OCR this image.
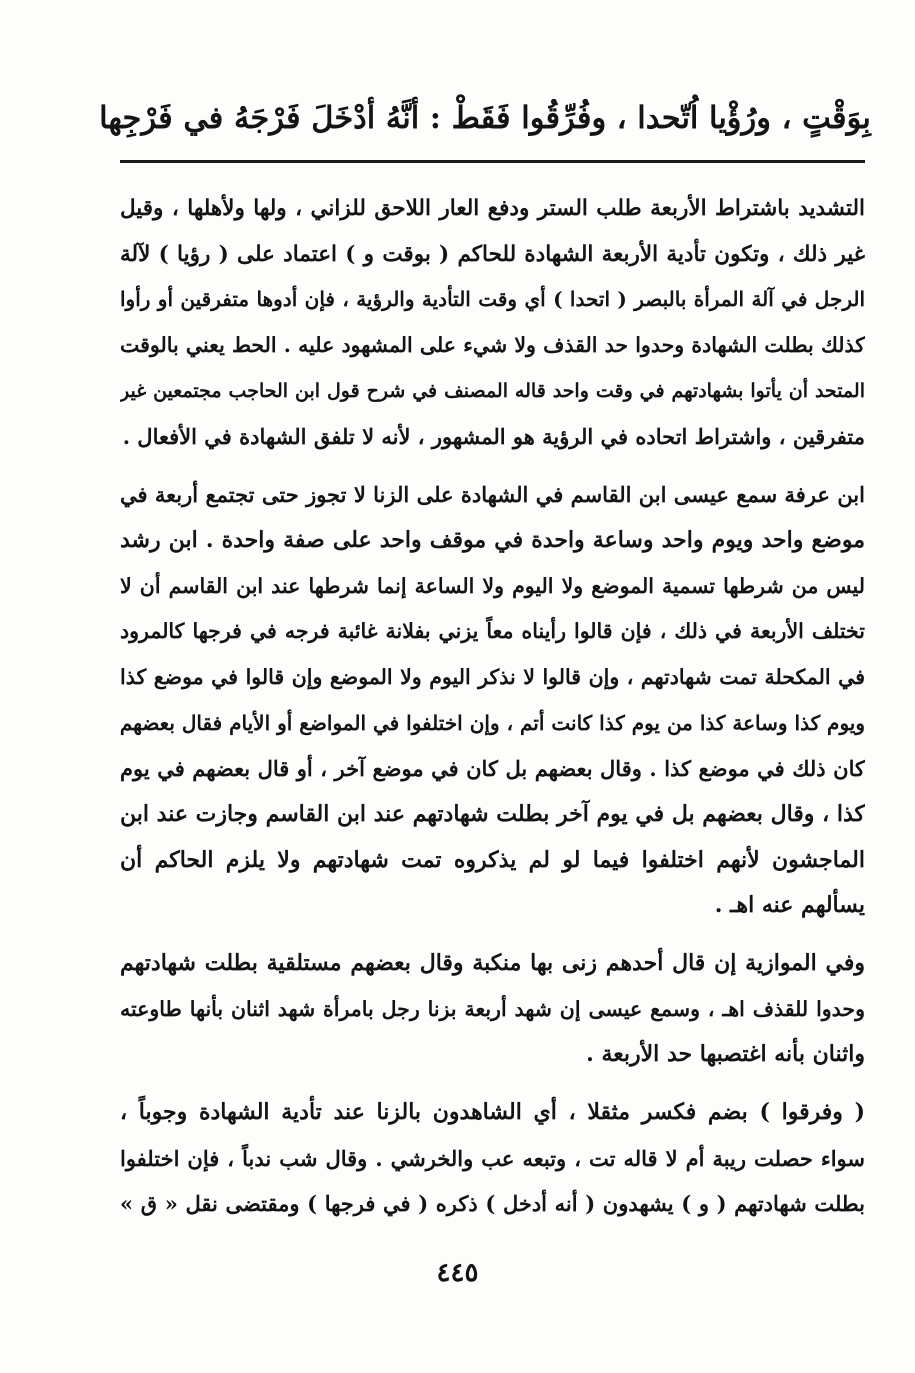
بِوَقْتٍ ، ورُؤْيا اُتّحدا ، وفُرِّقُوا فَقَطْ : أنَّهُ أدْخَلَ فَرْجَهُ في فَرْجِها
التشديد باشتراط الأربعة طلب الستر ودفع العار اللاحق للزاني ، ولها ولأهلها ، وقيل
غير ذلك ، وتكون تأدية الأربعة الشهادة للحاكم ( بوقت و ) اعتماد على ( رؤيا ) لآلة
الرجل في آلة المرأة بالبصر ( اتحدا ) أي وقت التأدية والرؤية ، فإن أدوها متفرقين أو رأوا
كذلك بطلت الشهادة وحدوا حد القذف ولا شيء على المشهود عليه . الحط يعني بالوقت
المتحد أن يأتوا بشهادتهم في وقت واحد قاله المصنف في شرح قول ابن الحاجب مجتمعين غير
متفرقين ، واشتراط اتحاده في الرؤية هو المشهور ، لأنه لا تلفق الشهادة في الأفعال .
ابن عرفة سمع عيسى ابن القاسم في الشهادة على الزنا لا تجوز حتى تجتمع أربعة في
موضع واحد ويوم واحد وساعة واحدة في موقف واحد على صفة واحدة . ابن رشد
ليس من شرطها تسمية الموضع ولا اليوم ولا الساعة إنما شرطها عند ابن القاسم أن لا
تختلف الأربعة في ذلك ، فإن قالوا رأيناه معاً يزني بفلانة غائبة فرجه في فرجها كالمرود
في المكحلة تمت شهادتهم ، وإن قالوا لا نذكر اليوم ولا الموضع وإن قالوا في موضع كذا
ويوم كذا وساعة كذا من يوم كذا كانت أتم ، وإن اختلفوا في المواضع أو الأيام فقال بعضهم
كان ذلك في موضع كذا . وقال بعضهم بل كان في موضع آخر ، أو قال بعضهم في يوم
كذا ، وقال بعضهم بل في يوم آخر بطلت شهادتهم عند ابن القاسم وجازت عند ابن
الماجشون لأنهم اختلفوا فيما لو لم يذكروه تمت شهادتهم ولا يلزم الحاكم أن
يسألهم عنه اهـ .
وفي الموازية إن قال أحدهم زنى بها منكبة وقال بعضهم مستلقية بطلت شهادتهم
وحدوا للقذف اهـ ، وسمع عيسى إن شهد أربعة بزنا رجل بامرأة شهد اثنان بأنها طاوعته
واثنان بأنه اغتصبها حد الأربعة .
( وفرقوا ) بضم فكسر مثقلا ، أي الشاهدون بالزنا عند تأدية الشهادة وجوباً ،
سواء حصلت ريبة أم لا قاله تت ، وتبعه عب والخرشي . وقال شب ندباً ، فإن اختلفوا
بطلت شهادتهم ( و ) يشهدون ( أنه أدخل ) ذكره ( في فرجها ) ومقتضى نقل « ق »
٤٤٥
